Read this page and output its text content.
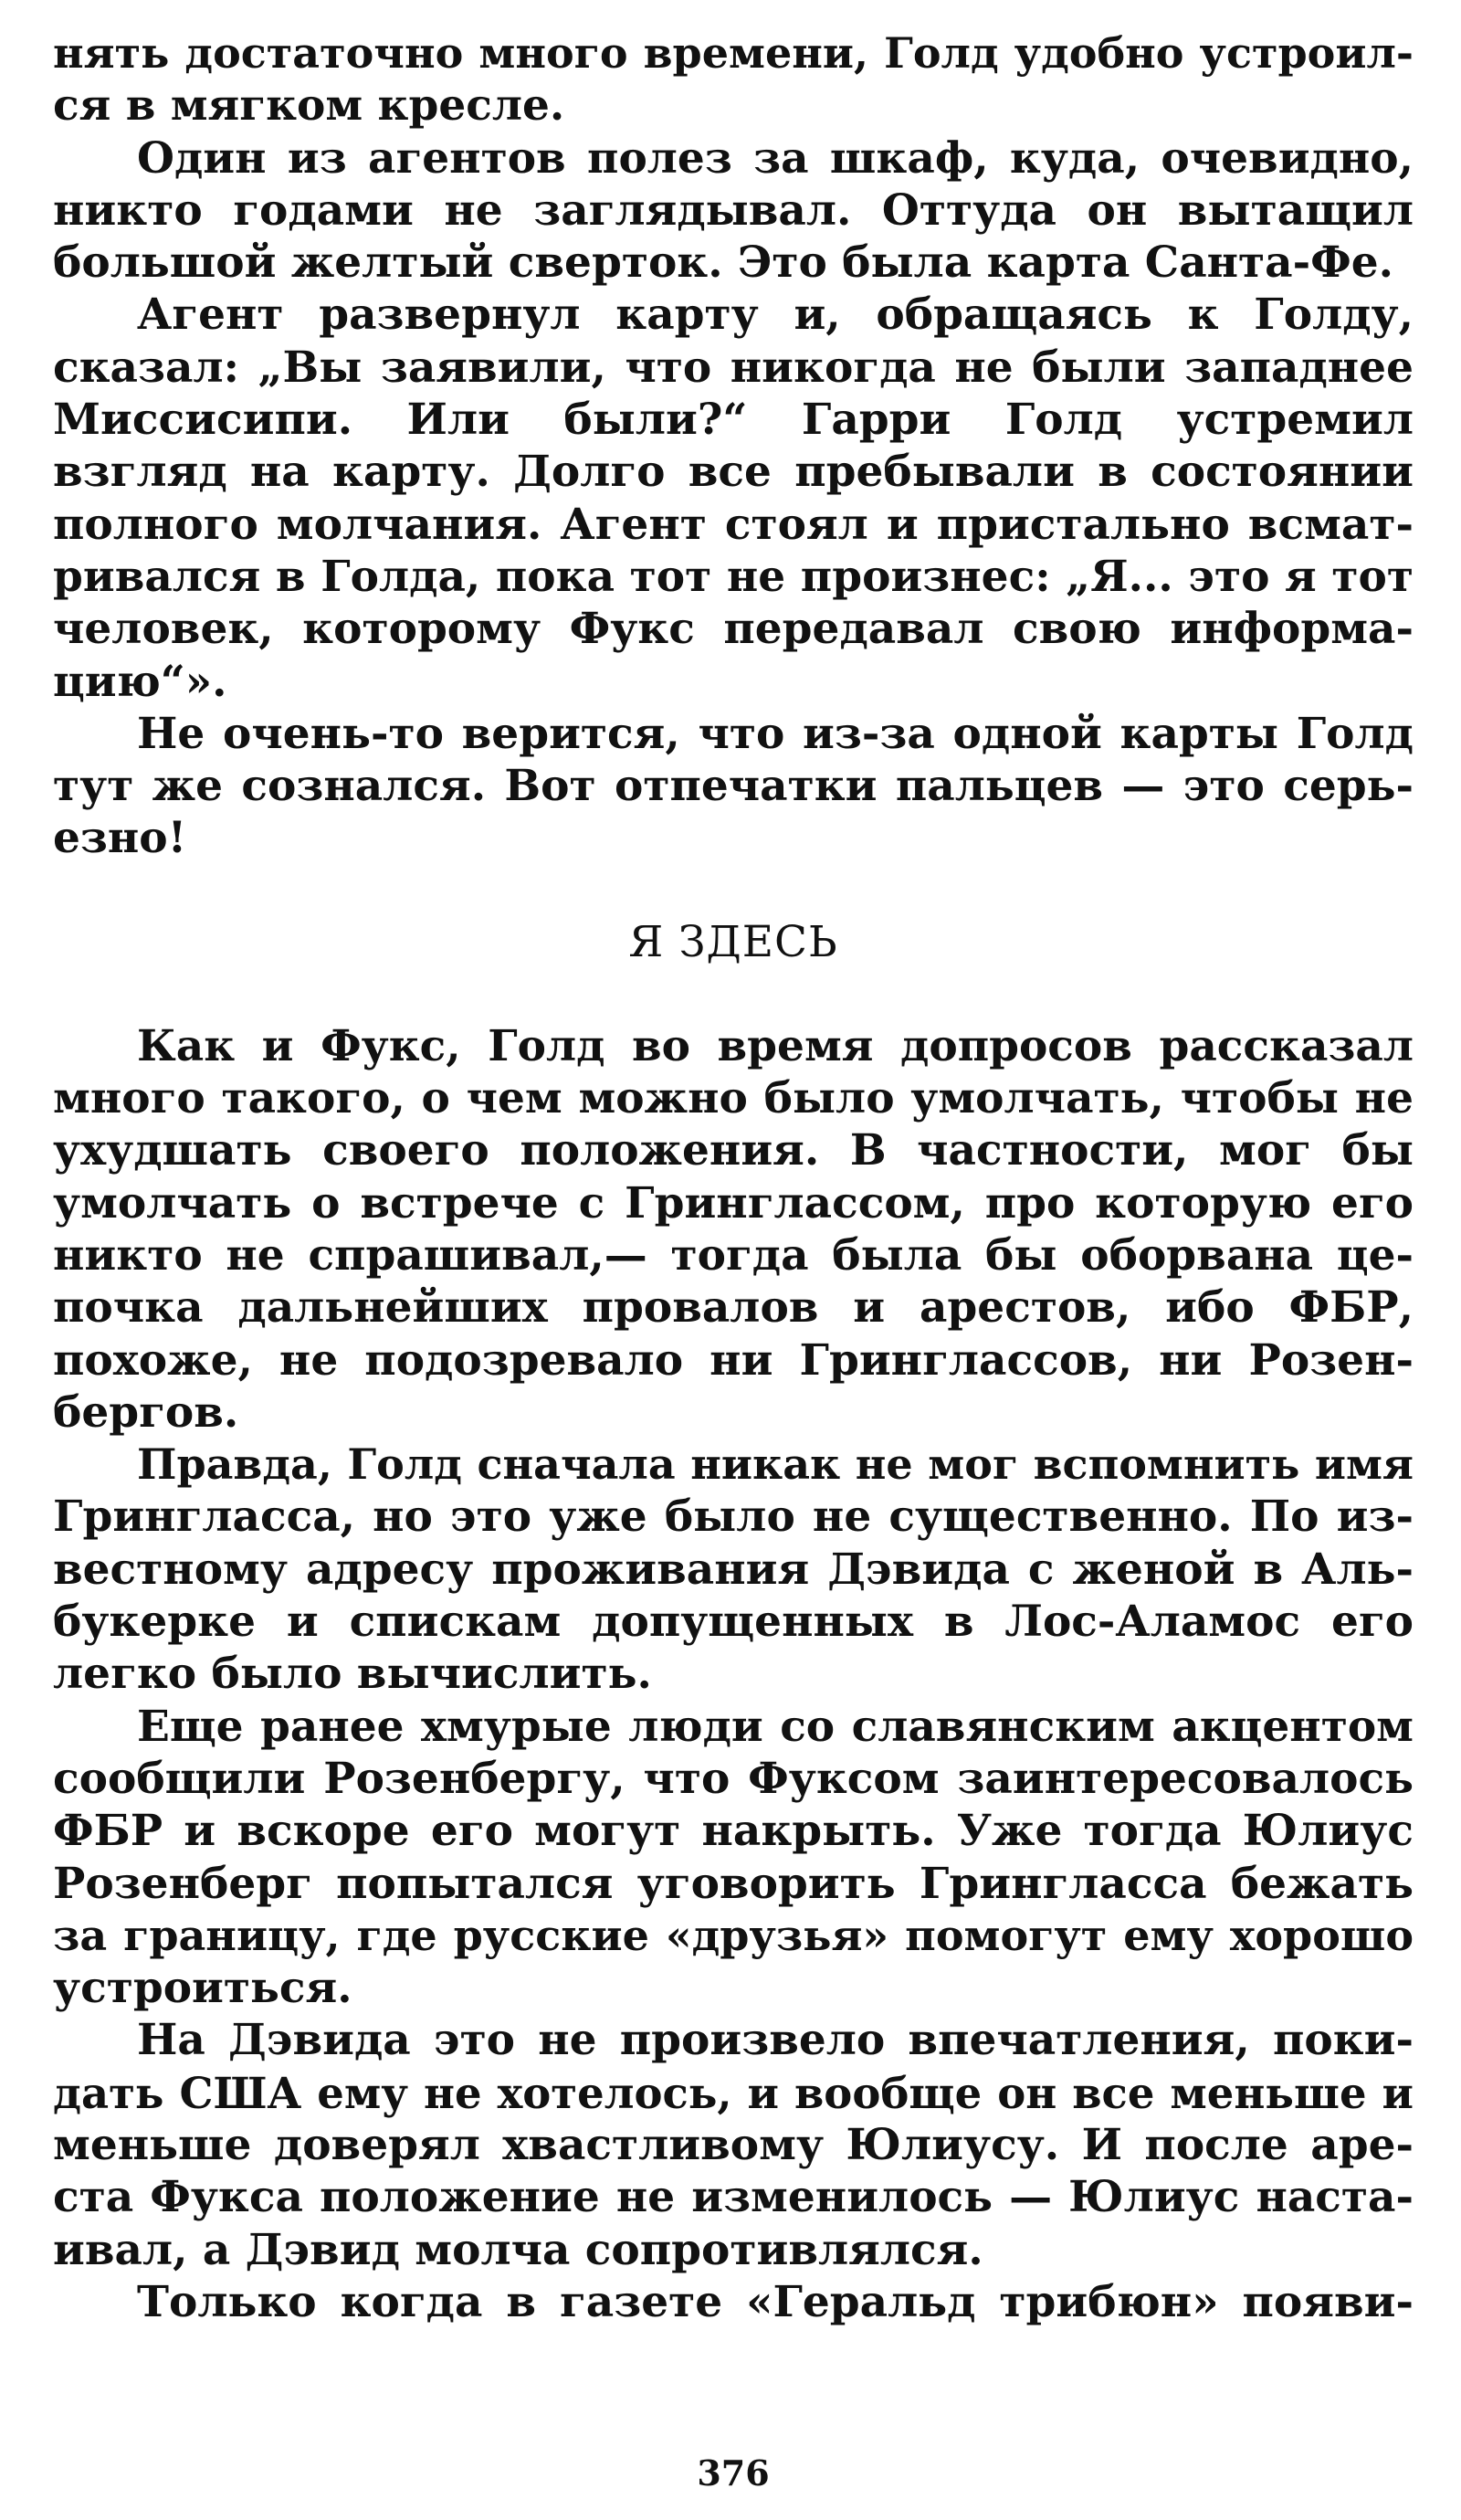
нять достаточно много времени, Голд удобно устроил-
ся в мягком кресле.
Один из агентов полез за шкаф, куда, очевидно,
никто годами не заглядывал. Оттуда он вытащил
большой желтый сверток. Это была карта Санта-Фе.
Агент развернул карту и, обращаясь к Голду,
сказал: „Вы заявили, что никогда не были западнее
Миссисипи. Или были?“ Гарри Голд устремил
взгляд на карту. Долго все пребывали в состоянии
полного молчания. Агент стоял и пристально всмат-
ривался в Голда, пока тот не произнес: „Я... это я тот
человек, которому Фукс передавал свою информа-
цию“».
Не очень-то верится, что из-за одной карты Голд
тут же сознался. Вот отпечатки пальцев — это серь-
езно!
Я ЗДЕСЬ
Как и Фукс, Голд во время допросов рассказал
много такого, о чем можно было умолчать, чтобы не
ухудшать своего положения. В частности, мог бы
умолчать о встрече с Гринглассом, про которую его
никто не спрашивал,— тогда была бы оборвана це-
почка дальнейших провалов и арестов, ибо ФБР,
похоже, не подозревало ни Гринглассов, ни Розен-
бергов.
Правда, Голд сначала никак не мог вспомнить имя
Грингласса, но это уже было не существенно. По из-
вестному адресу проживания Дэвида с женой в Аль-
букерке и спискам допущенных в Лос-Аламос его
легко было вычислить.
Еще ранее хмурые люди со славянским акцентом
сообщили Розенбергу, что Фуксом заинтересовалось
ФБР и вскоре его могут накрыть. Уже тогда Юлиус
Розенберг попытался уговорить Грингласса бежать
за границу, где русские «друзья» помогут ему хорошо
устроиться.
На Дэвида это не произвело впечатления, поки-
дать США ему не хотелось, и вообще он все меньше и
меньше доверял хвастливому Юлиусу. И после аре-
ста Фукса положение не изменилось — Юлиус наста-
ивал, а Дэвид молча сопротивлялся.
Только когда в газете «Геральд трибюн» появи-
376
